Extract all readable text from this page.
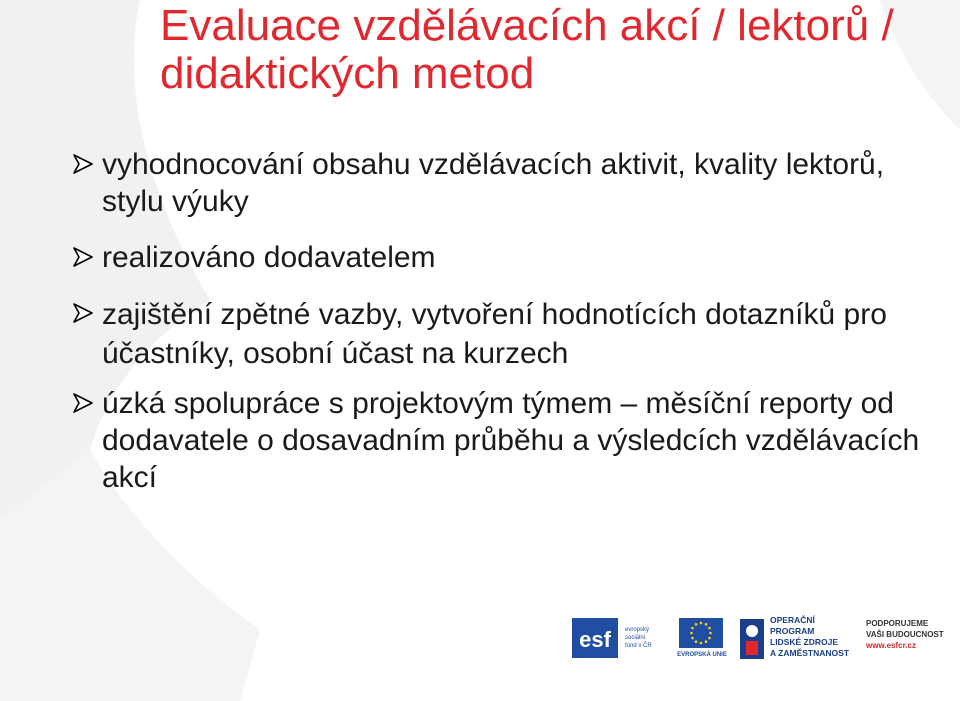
Evaluace vzdělávacích akcí / lektorů / didaktických metod
vyhodnocování obsahu vzdělávacích aktivit, kvality lektorů, stylu výuky
realizováno dodavatelem
zajištění zpětné vazby, vytvoření hodnotících dotazníků pro účastníky, osobní účast na kurzech
úzká spolupráce s projektovým týmem – měsíční reporty od dodavatele o dosavadním průběhu a výsledcích vzdělávacích akcí
esf evropský
sociální
fond v ČR
EVROPSKÁ UNIE
OPERAČNÍ PROGRAM
LIDSKÉ ZDROJE
A ZAMĚSTNANOST
PODPORUJEME
VAŠI BUDOUCNOST
www.esfcr.cz
